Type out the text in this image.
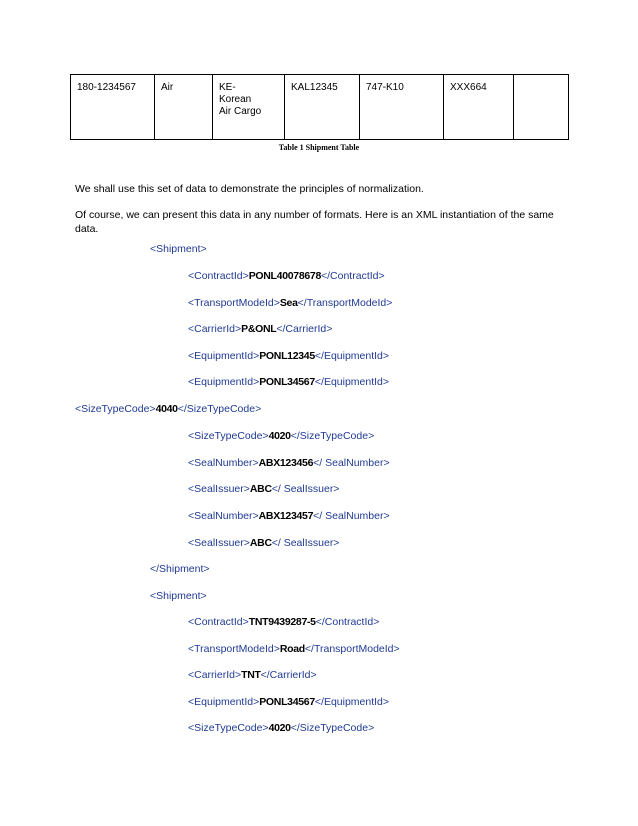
180-1234567	Air	KE-
Korean
Air Cargo	KAL12345	747-K10	XXX664	
Table 1 Shipment Table

We shall use this set of data to demonstrate the principles of normalization.

Of course, we can present this data in any number of formats. Here is an XML instantiation of the same data.

<Shipment>
<ContractId>PONL40078678</ContractId>
<TransportModeId>Sea</TransportModeId>
<CarrierId>P&ONL</CarrierId>
<EquipmentId>PONL12345</EquipmentId>
<EquipmentId>PONL34567</EquipmentId>
<SizeTypeCode>4040</SizeTypeCode>
<SizeTypeCode>4020</SizeTypeCode>
<SealNumber>ABX123456</ SealNumber>
<SealIssuer>ABC</ SealIssuer>
<SealNumber>ABX123457</ SealNumber>
<SealIssuer>ABC</ SealIssuer>
</Shipment>
<Shipment>
<ContractId>TNT9439287-5</ContractId>
<TransportModeId>Road</TransportModeId>
<CarrierId>TNT</CarrierId>
<EquipmentId>PONL34567</EquipmentId>
<SizeTypeCode>4020</SizeTypeCode>
